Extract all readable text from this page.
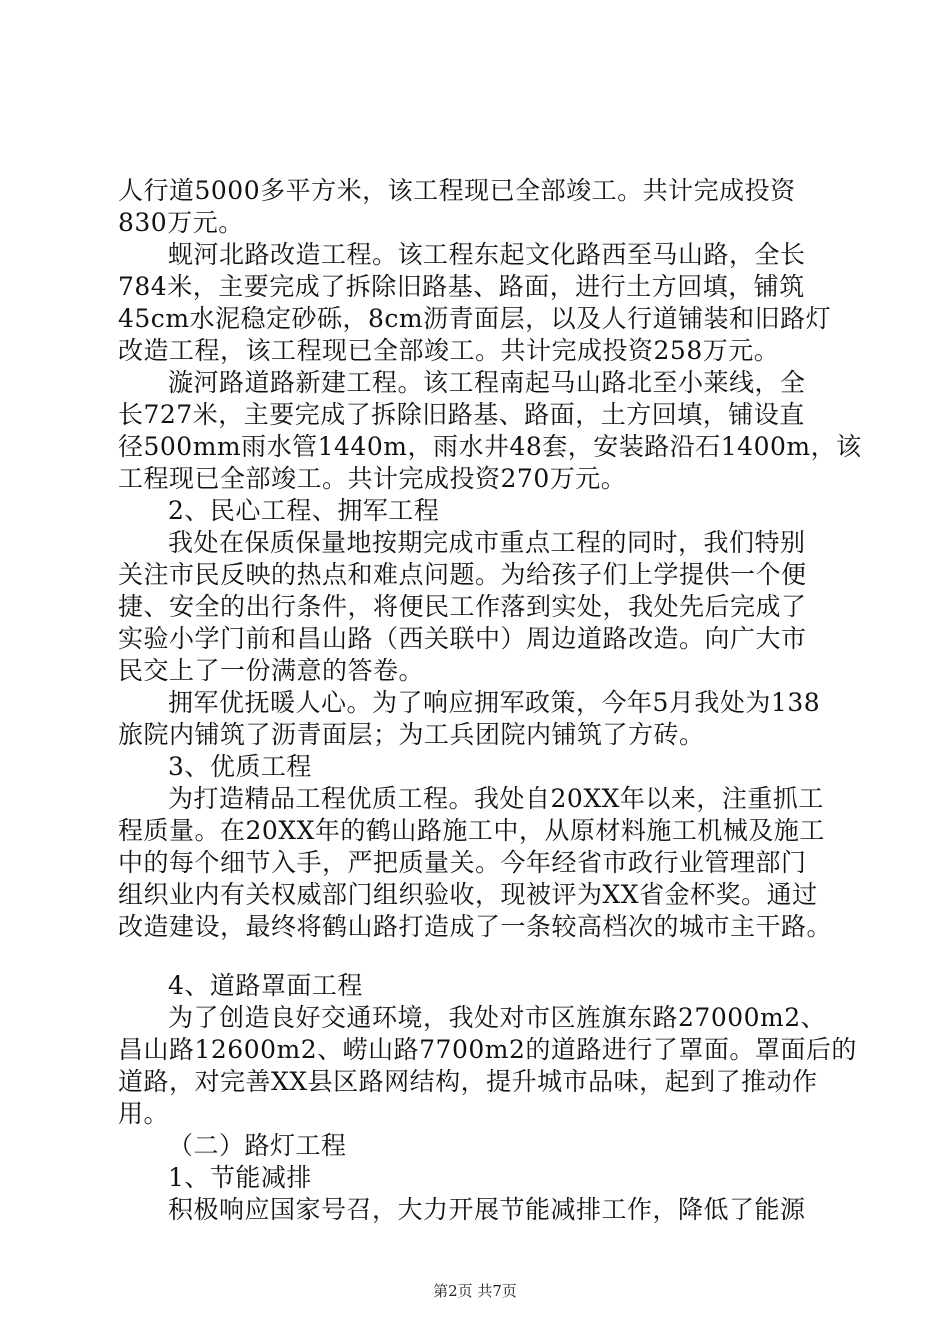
人行道5000多平方米，该工程现已全部竣工。共计完成投资
830万元。
蚬河北路改造工程。该工程东起文化路西至马山路，全长
784米，主要完成了拆除旧路基、路面，进行土方回填，铺筑
45cm水泥稳定砂砾，8cm沥青面层，以及人行道铺装和旧路灯
改造工程，该工程现已全部竣工。共计完成投资258万元。
漩河路道路新建工程。该工程南起马山路北至小莱线，全
长727米，主要完成了拆除旧路基、路面，土方回填，铺设直
径500mm雨水管1440m，雨水井48套，安装路沿石1400m，该
工程现已全部竣工。共计完成投资270万元。
2、民心工程、拥军工程
我处在保质保量地按期完成市重点工程的同时，我们特别
关注市民反映的热点和难点问题。为给孩子们上学提供一个便
捷、安全的出行条件，将便民工作落到实处，我处先后完成了
实验小学门前和昌山路（西关联中）周边道路改造。向广大市
民交上了一份满意的答卷。
拥军优抚暖人心。为了响应拥军政策，今年5月我处为138
旅院内铺筑了沥青面层；为工兵团院内铺筑了方砖。
3、优质工程
为打造精品工程优质工程。我处自20XX年以来，注重抓工
程质量。在20XX年的鹤山路施工中，从原材料施工机械及施工
中的每个细节入手，严把质量关。今年经省市政行业管理部门
组织业内有关权威部门组织验收，现被评为XX省金杯奖。通过
改造建设，最终将鹤山路打造成了一条较高档次的城市主干路。
4、道路罩面工程
为了创造良好交通环境，我处对市区旌旗东路27000m2、
昌山路12600m2、崂山路7700m2的道路进行了罩面。罩面后的
道路，对完善XX县区路网结构，提升城市品味，起到了推动作
用。
（二）路灯工程
1、节能减排
积极响应国家号召，大力开展节能减排工作，降低了能源
第2页 共7页
